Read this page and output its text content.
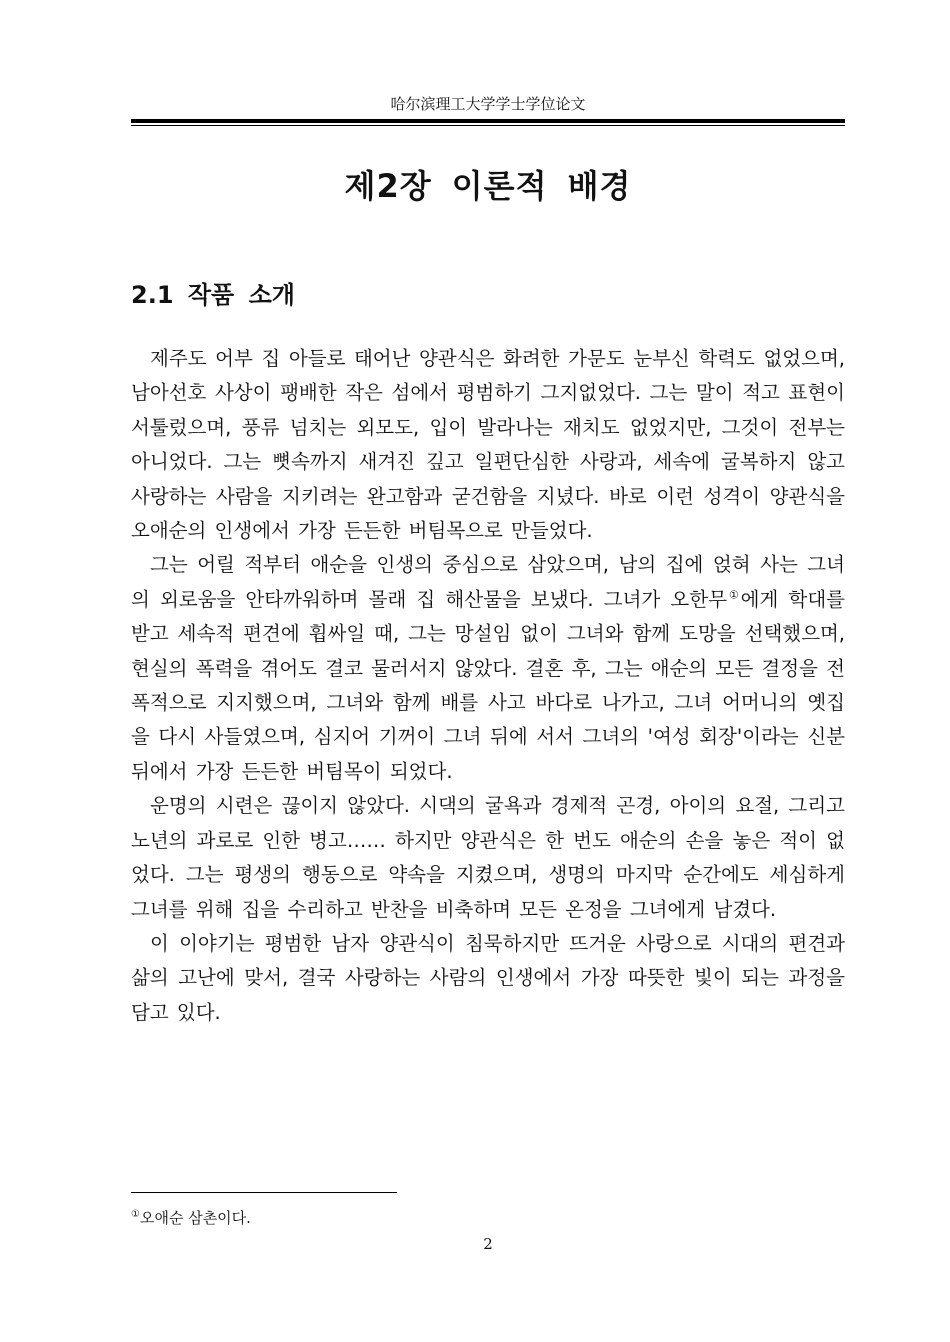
哈尔滨理工大学学士学位论文
제2장 이론적 배경
2.1 작품 소개

제주도 어부 집 아들로 태어난 양관식은 화려한 가문도 눈부신 학력도 없었으며, 남아선호 사상이 팽배한 작은 섬에서 평범하기 그지없었다. 그는 말이 적고 표현이 서툴렀으며, 풍류 넘치는 외모도, 입이 발라나는 재치도 없었지만, 그것이 전부는 아니었다. 그는 뼛속까지 새겨진 깊고 일편단심한 사랑과, 세속에 굴복하지 않고 사랑하는 사람을 지키려는 완고함과 굳건함을 지녔다. 바로 이런 성격이 양관식을 오애순의 인생에서 가장 든든한 버팀목으로 만들었다.

그는 어릴 적부터 애순을 인생의 중심으로 삼았으며, 남의 집에 얹혀 사는 그녀의 외로움을 안타까워하며 몰래 집 해산물을 보냈다. 그녀가 오한무①에게 학대를 받고 세속적 편견에 휩싸일 때, 그는 망설임 없이 그녀와 함께 도망을 선택했으며, 현실의 폭력을 겪어도 결코 물러서지 않았다. 결혼 후, 그는 애순의 모든 결정을 전폭적으로 지지했으며, 그녀와 함께 배를 사고 바다로 나가고, 그녀 어머니의 옛집을 다시 사들였으며, 심지어 기꺼이 그녀 뒤에 서서 그녀의 '여성 회장'이라는 신분 뒤에서 가장 든든한 버팀목이 되었다.

운명의 시련은 끊이지 않았다. 시댁의 굴욕과 경제적 곤경, 아이의 요절, 그리고 노년의 과로로 인한 병고…… 하지만 양관식은 한 번도 애순의 손을 놓은 적이 없었다. 그는 평생의 행동으로 약속을 지켰으며, 생명의 마지막 순간에도 세심하게 그녀를 위해 집을 수리하고 반찬을 비축하며 모든 온정을 그녀에게 남겼다.

이 이야기는 평범한 남자 양관식이 침묵하지만 뜨거운 사랑으로 시대의 편견과 삶의 고난에 맞서, 결국 사랑하는 사람의 인생에서 가장 따뜻한 빛이 되는 과정을 담고 있다.

①오애순 삼촌이다.
2
